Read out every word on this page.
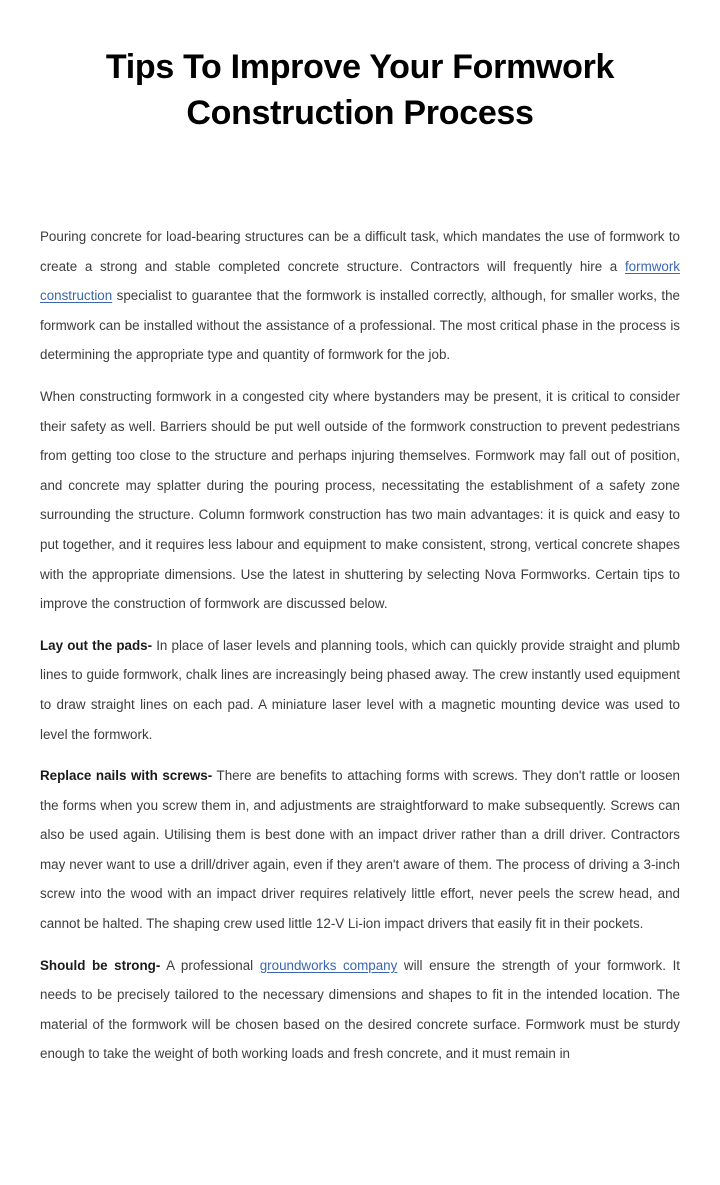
Tips To Improve Your Formwork Construction Process

Pouring concrete for load-bearing structures can be a difficult task, which mandates the use of formwork to create a strong and stable completed concrete structure. Contractors will frequently hire a formwork construction specialist to guarantee that the formwork is installed correctly, although, for smaller works, the formwork can be installed without the assistance of a professional. The most critical phase in the process is determining the appropriate type and quantity of formwork for the job.

When constructing formwork in a congested city where bystanders may be present, it is critical to consider their safety as well. Barriers should be put well outside of the formwork construction to prevent pedestrians from getting too close to the structure and perhaps injuring themselves. Formwork may fall out of position, and concrete may splatter during the pouring process, necessitating the establishment of a safety zone surrounding the structure. Column formwork construction has two main advantages: it is quick and easy to put together, and it requires less labour and equipment to make consistent, strong, vertical concrete shapes with the appropriate dimensions. Use the latest in shuttering by selecting Nova Formworks. Certain tips to improve the construction of formwork are discussed below.

Lay out the pads- In place of laser levels and planning tools, which can quickly provide straight and plumb lines to guide formwork, chalk lines are increasingly being phased away. The crew instantly used equipment to draw straight lines on each pad. A miniature laser level with a magnetic mounting device was used to level the formwork.

Replace nails with screws- There are benefits to attaching forms with screws. They don't rattle or loosen the forms when you screw them in, and adjustments are straightforward to make subsequently. Screws can also be used again. Utilising them is best done with an impact driver rather than a drill driver. Contractors may never want to use a drill/driver again, even if they aren't aware of them. The process of driving a 3-inch screw into the wood with an impact driver requires relatively little effort, never peels the screw head, and cannot be halted. The shaping crew used little 12-V Li-ion impact drivers that easily fit in their pockets.

Should be strong- A professional groundworks company will ensure the strength of your formwork. It needs to be precisely tailored to the necessary dimensions and shapes to fit in the intended location. The material of the formwork will be chosen based on the desired concrete surface. Formwork must be sturdy enough to take the weight of both working loads and fresh concrete, and it must remain in
